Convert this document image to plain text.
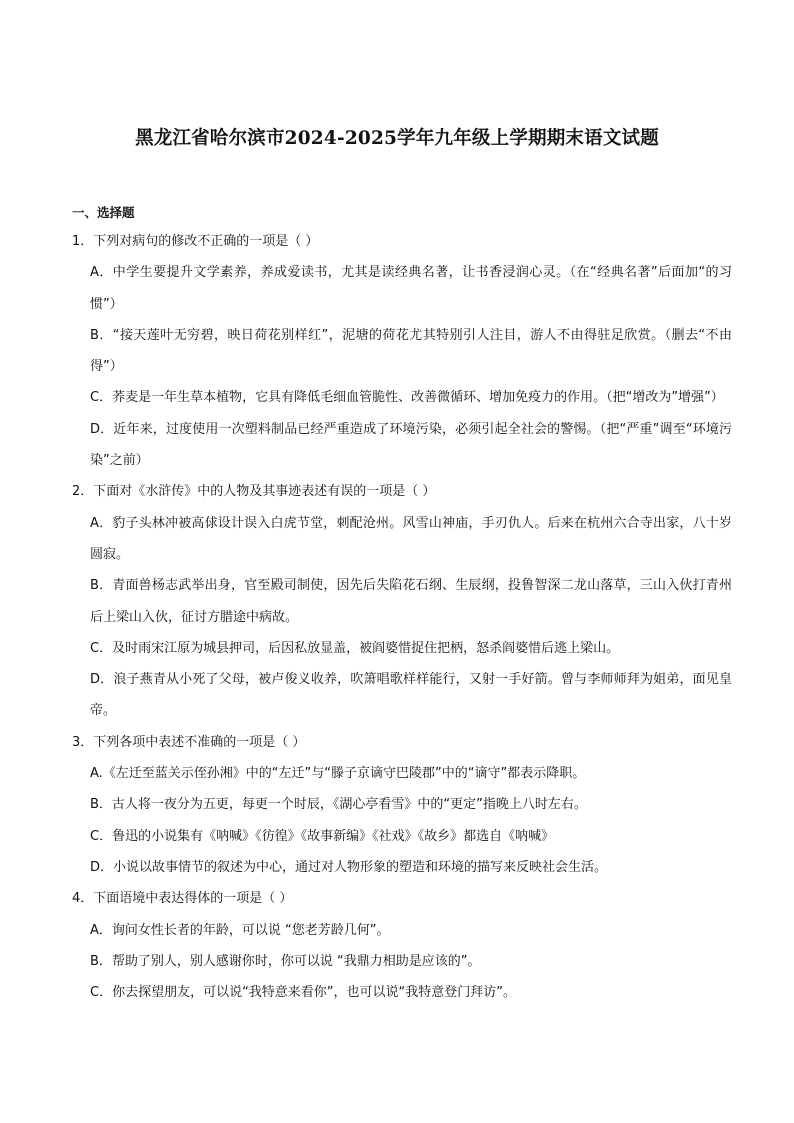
黑龙江省哈尔滨市2024-2025学年九年级上学期期末语文试题
一、选择题

1．下列对病句的修改不正确的一项是（ ）

A．中学生要提升文学素养，养成爱读书，尤其是读经典名著，让书香浸润心灵。（在“经典名著”后面加“的习惯”）

B．“接天莲叶无穷碧，映日荷花别样红”，泥塘的荷花尤其特别引人注目，游人不由得驻足欣赏。（删去“不由得”）

C．荞麦是一年生草本植物，它具有降低毛细血管脆性、改善微循环、增加免疫力的作用。（把“增改为”增强”）

D．近年来，过度使用一次塑料制品已经严重造成了环境污染，必须引起全社会的警惕。（把“严重”调至“环境污染”之前）

2．下面对《水浒传》中的人物及其事迹表述有误的一项是（ ）

A．豹子头林冲被高俅设计误入白虎节堂，刺配沧州。风雪山神庙，手刃仇人。后来在杭州六合寺出家，八十岁圆寂。

B．青面兽杨志武举出身，官至殿司制使，因先后失陷花石纲、生辰纲，投鲁智深二龙山落草，三山入伙打青州后上梁山入伙，征讨方腊途中病故。

C．及时雨宋江原为城县押司，后因私放显盖，被阎婆惜捉住把柄，怒杀阎婆惜后逃上梁山。

D．浪子燕青从小死了父母，被卢俊义收养，吹箫唱歌样样能行，又射一手好箭。曾与李师师拜为姐弟，面见皇帝。

3．下列各项中表述不准确的一项是（ ）

A.《左迁至蓝关示侄孙湘》中的“左迁”与“滕子京谪守巴陵郡”中的“谪守”都表示降职。

B．古人将一夜分为五更，每更一个时辰，《湖心亭看雪》中的“更定”指晚上八时左右。

C．鲁迅的小说集有《呐喊》《彷徨》《故事新编》《社戏》《故乡》都选自《呐喊》

D．小说以故事情节的叙述为中心，通过对人物形象的塑造和环境的描写来反映社会生活。

4．下面语境中表达得体的一项是（ ）

A．询问女性长者的年龄，可以说 “您老芳龄几何”。

B．帮助了别人，别人感谢你时，你可以说 “我鼎力相助是应该的”。

C．你去探望朋友，可以说“我特意来看你”，也可以说“我特意登门拜访”。
